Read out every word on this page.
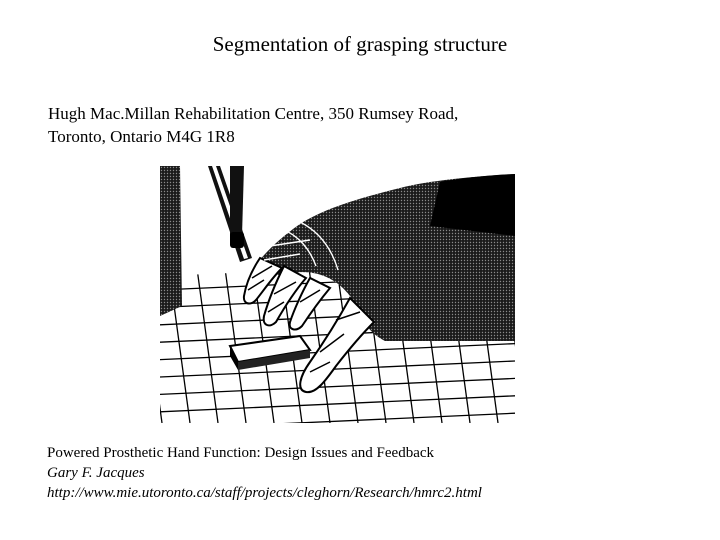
Segmentation of grasping structure
Hugh Mac.Millan Rehabilitation Centre, 350 Rumsey Road,
Toronto, Ontario M4G 1R8
Powered Prosthetic Hand Function: Design Issues and Feedback
Gary F. Jacques
http://www.mie.utoronto.ca/staff/projects/cleghorn/Research/hmrc2.html
